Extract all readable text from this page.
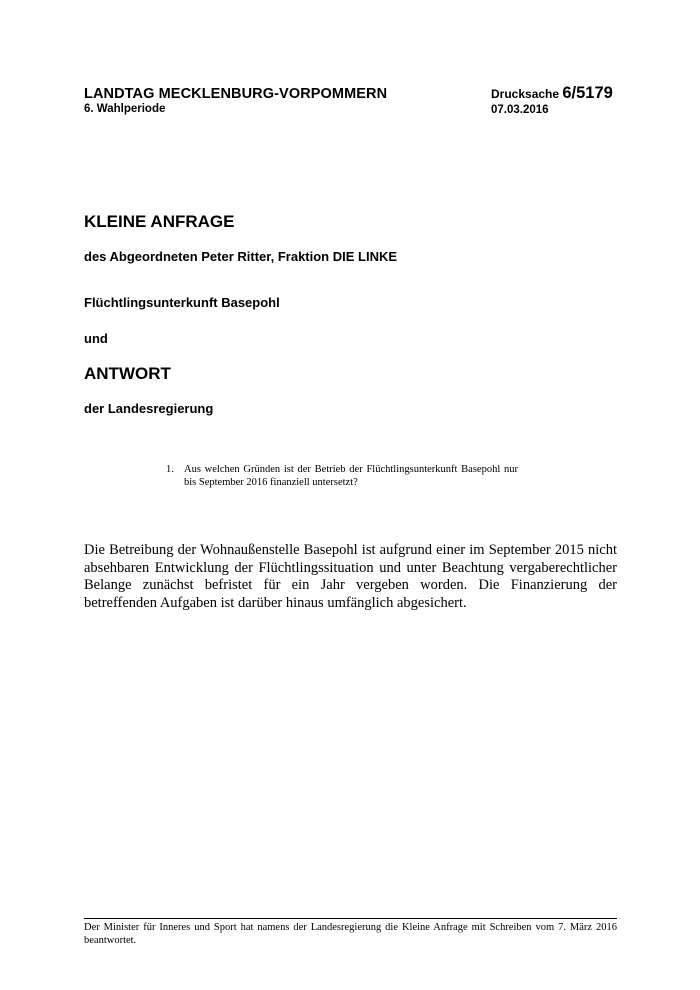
LANDTAG MECKLENBURG-VORPOMMERN
6. Wahlperiode
Drucksache 6/5179
07.03.2016
KLEINE ANFRAGE

des Abgeordneten Peter Ritter, Fraktion DIE LINKE

Flüchtlingsunterkunft Basepohl

und

ANTWORT

der Landesregierung

1. Aus welchen Gründen ist der Betrieb der Flüchtlingsunterkunft Basepohl nur bis September 2016 finanziell untersetzt?

Die Betreibung der Wohnaußenstelle Basepohl ist aufgrund einer im September 2015 nicht absehbaren Entwicklung der Flüchtlingssituation und unter Beachtung vergaberechtlicher Belange zunächst befristet für ein Jahr vergeben worden. Die Finanzierung der betreffenden Aufgaben ist darüber hinaus umfänglich abgesichert.

Der Minister für Inneres und Sport hat namens der Landesregierung die Kleine Anfrage mit Schreiben vom 7. März 2016 beantwortet.
